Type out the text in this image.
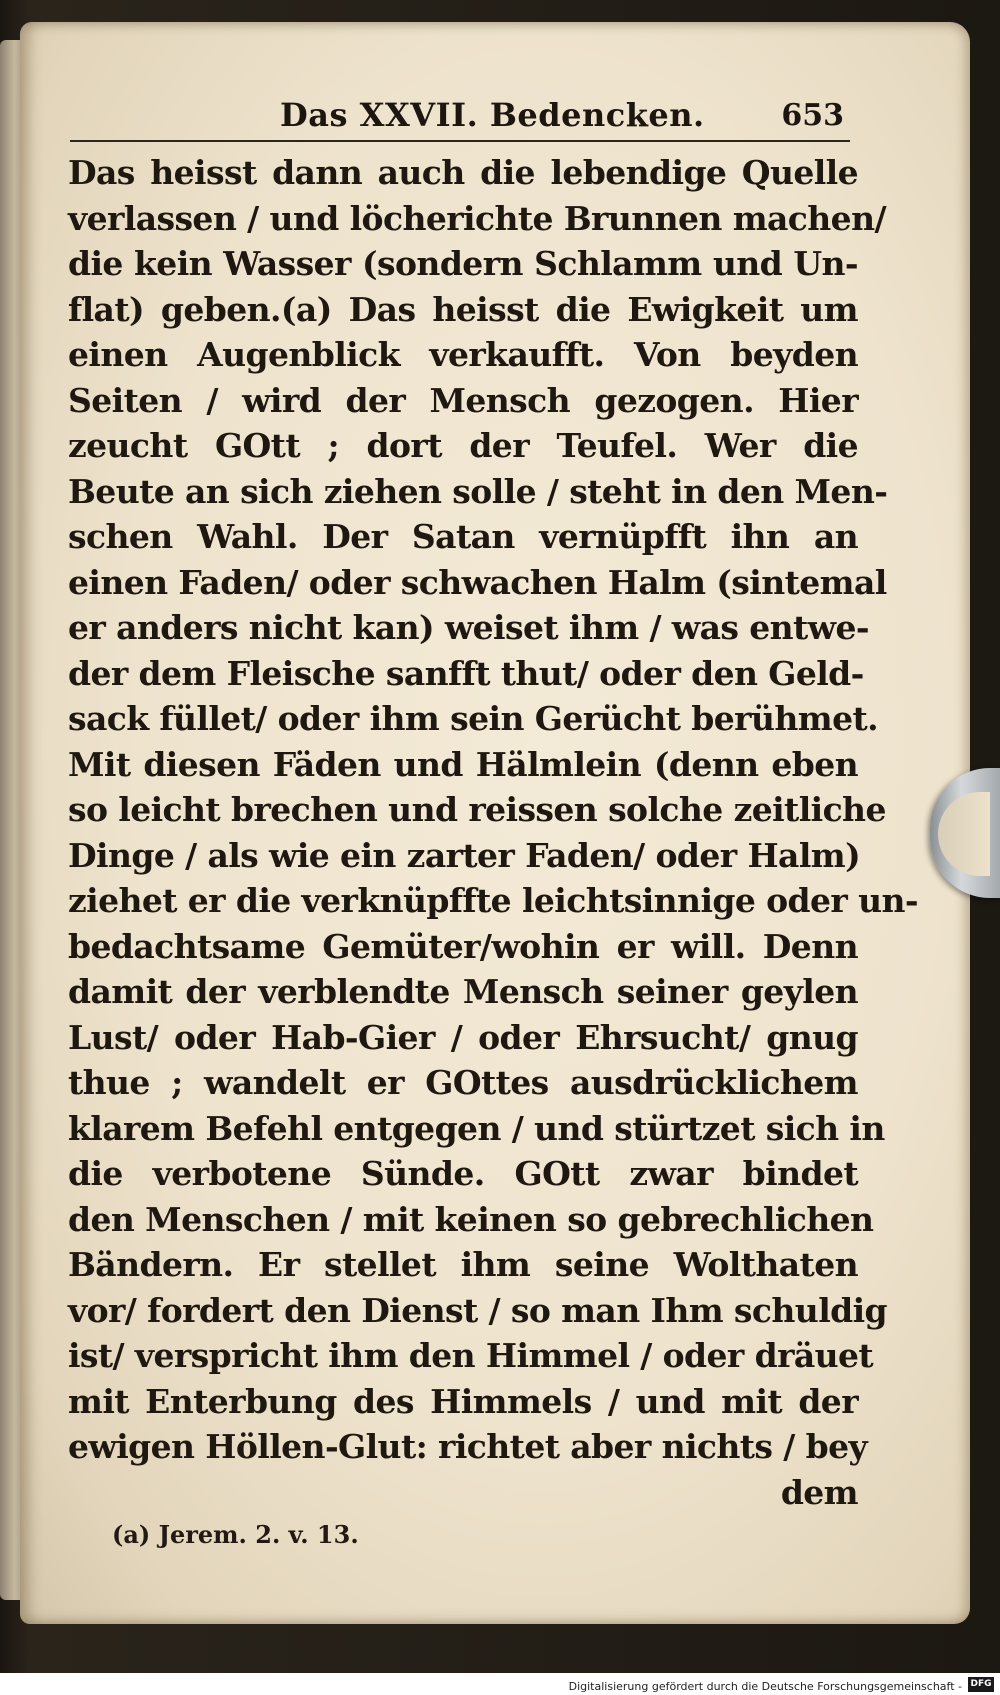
Das XXVII. Bedencken.	653
Das heisst dann auch die lebendige Quelle
verlassen / und löcherichte Brunnen machen/
die kein Wasser (sondern Schlamm und Un-
flat) geben.(a) Das heisst die Ewigkeit um
einen Augenblick verkaufft. Von beyden
Seiten / wird der Mensch gezogen. Hier
zeucht GOtt ; dort der Teufel. Wer die
Beute an sich ziehen solle / steht in den Men-
schen Wahl. Der Satan vernüpfft ihn an
einen Faden/ oder schwachen Halm (sintemal
er anders nicht kan) weiset ihm / was entwe-
der dem Fleische sanfft thut/ oder den Geld-
sack füllet/ oder ihm sein Gerücht berühmet.
Mit diesen Fäden und Hälmlein (denn eben
so leicht brechen und reissen solche zeitliche
Dinge / als wie ein zarter Faden/ oder Halm)
ziehet er die verknüpffte leichtsinnige oder un-
bedachtsame Gemüter/wohin er will. Denn
damit der verblendte Mensch seiner geylen
Lust/ oder Hab-Gier / oder Ehrsucht/ gnug
thue ; wandelt er GOttes ausdrücklichem
klarem Befehl entgegen / und stürtzet sich in
die verbotene Sünde. GOtt zwar bindet
den Menschen / mit keinen so gebrechlichen
Bändern. Er stellet ihm seine Wolthaten
vor/ fordert den Dienst / so man Ihm schuldig
ist/ verspricht ihm den Himmel / oder dräuet
mit Enterbung des Himmels / und mit der
ewigen Höllen-Glut: richtet aber nichts / bey
dem
(a) Jerem. 2. v. 13.
Digitalisierung gefördert durch die Deutsche Forschungsgemeinschaft - DFG
